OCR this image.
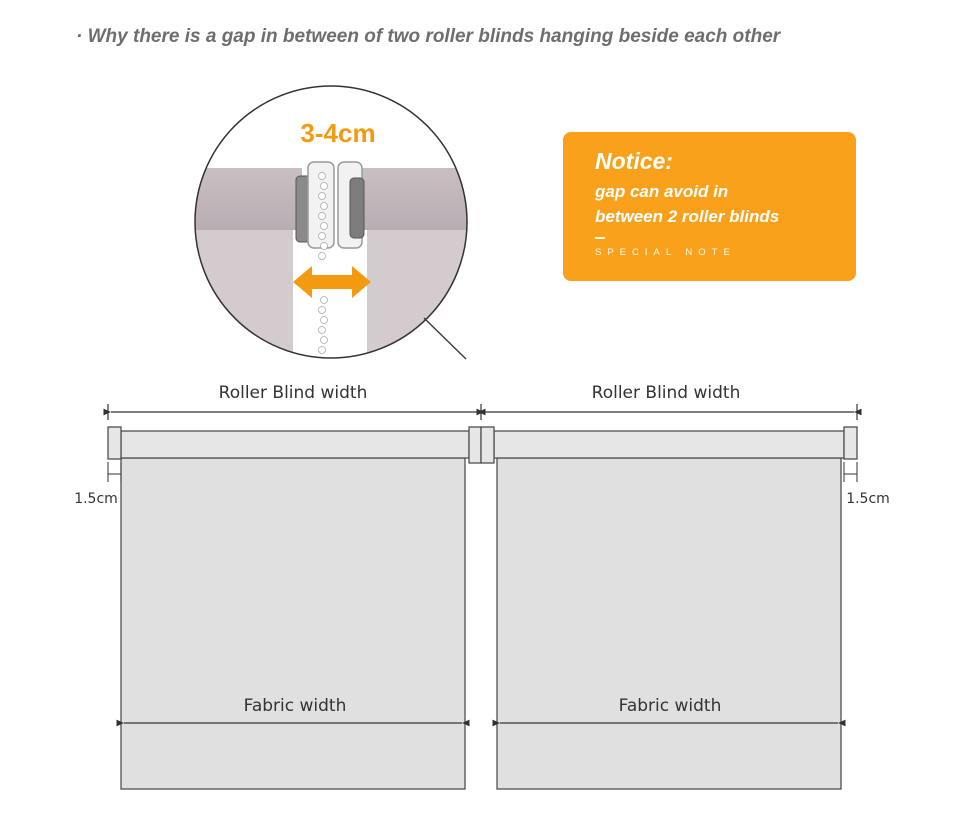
· Why there is a gap in between of two roller blinds hanging beside each other
3-4cm
Roller Blind width	Roller Blind width
1.5cm	1.5cm
Fabric width	Fabric width
Notice:
gap can avoid in
between 2 roller blinds
SPECIAL NOTE
